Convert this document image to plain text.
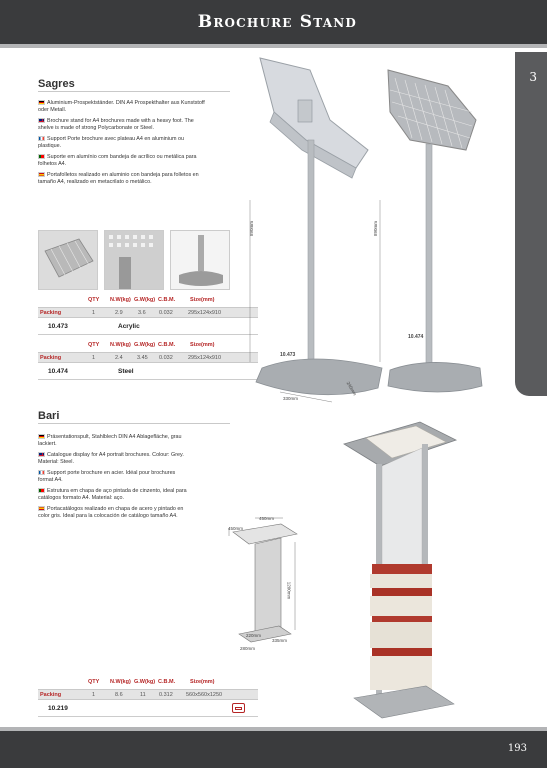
Brochure Stand
3
Sagres

Aluminium-Prospektständer. DIN A4 Prospekthalter aus Kunststoff oder Metall.

Brochure stand for A4 brochures made with a heavy foot. The shelve is made of strong Polycarbonate or Steel.

Support Porte brochure avec plateau A4 en aluminium ou plastique.

Suporte em alumínio com bandeja de acrílico ou metálica para folhetos A4.

Portafolletos realizado en aluminio con bandeja para folletos en tamaño A4, realizado en metacrilato o metálico.

QTY N.W(kg) G.W(kg) C.B.M.	Size(mm)
Packing	1	2.9	3.6 0.032	295x124x910
10.473	Acrylic
QTY N.W(kg) G.W(kg) C.B.M.	Size(mm)
Packing	1	2.4	3.45 0.032	295x124x910
10.474	Steel
890mm	890mm
10.473
10.474
330mm
240mm
Bari

Präsentationspult, Stahlblech DIN A4 Ablagefläche, grau lackiert.

Catalogue display for A4 portrait brochures. Colour: Grey. Material: Steel.

Support porte brochure en acier. Idéal pour brochures format A4.

Estrutura em chapa de aço pintada de cinzento, ideal para catálogos formato A4. Material: aço.

Portacatálogos realizado en chapa de acero y pintado en color gris. Ideal para la colocación de catálogo tamaño A4.	450mm
450mm
1200mm
220mm
280mm
335mm
QTY N.W(kg) G.W(kg) C.B.M.	Size(mm)
Packing	1	8.6	11 0.312 560x560x1250
10.219
193
